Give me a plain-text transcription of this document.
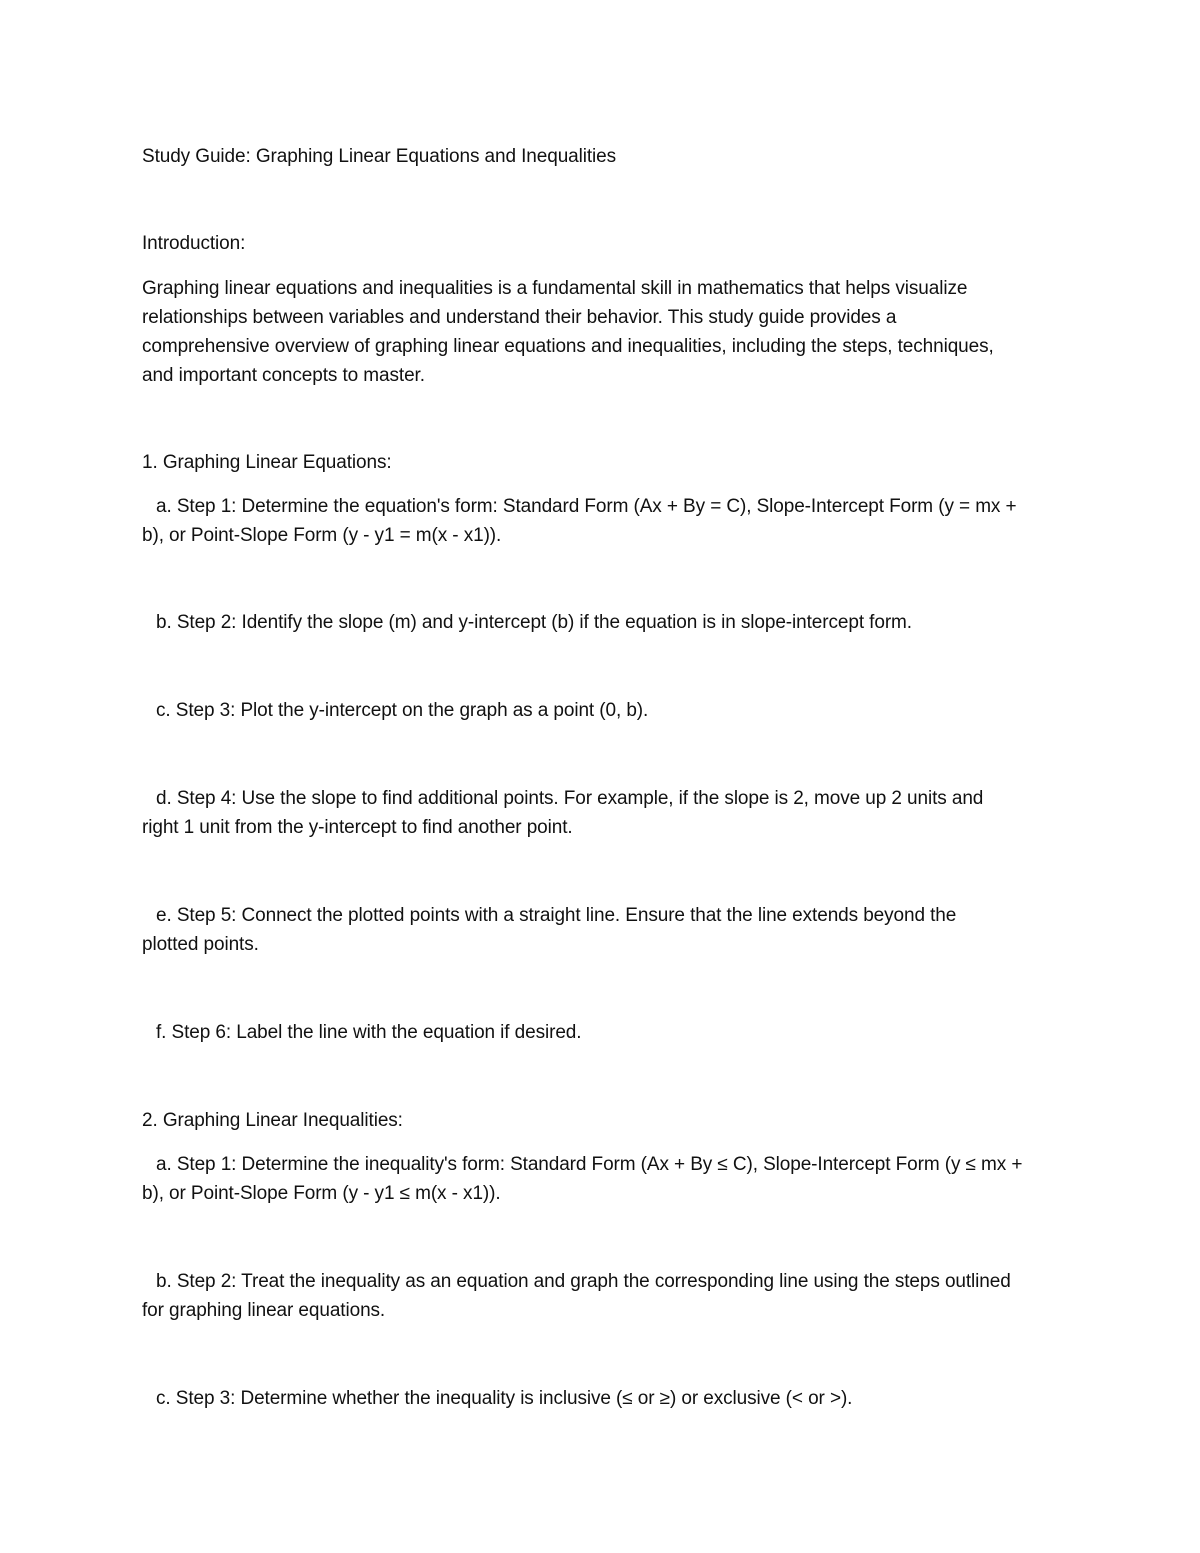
Study Guide: Graphing Linear Equations and Inequalities
Introduction:
Graphing linear equations and inequalities is a fundamental skill in mathematics that helps visualize
relationships between variables and understand their behavior. This study guide provides a
comprehensive overview of graphing linear equations and inequalities, including the steps, techniques,
and important concepts to master.
1. Graphing Linear Equations:
a. Step 1: Determine the equation's form: Standard Form (Ax + By = C), Slope-Intercept Form (y = mx +
b), or Point-Slope Form (y - y1 = m(x - x1)).
b. Step 2: Identify the slope (m) and y-intercept (b) if the equation is in slope-intercept form.
c. Step 3: Plot the y-intercept on the graph as a point (0, b).
d. Step 4: Use the slope to find additional points. For example, if the slope is 2, move up 2 units and
right 1 unit from the y-intercept to find another point.
e. Step 5: Connect the plotted points with a straight line. Ensure that the line extends beyond the
plotted points.
f. Step 6: Label the line with the equation if desired.
2. Graphing Linear Inequalities:
a. Step 1: Determine the inequality's form: Standard Form (Ax + By ≤ C), Slope-Intercept Form (y ≤ mx +
b), or Point-Slope Form (y - y1 ≤ m(x - x1)).
b. Step 2: Treat the inequality as an equation and graph the corresponding line using the steps outlined
for graphing linear equations.
c. Step 3: Determine whether the inequality is inclusive (≤ or ≥) or exclusive (< or >).
